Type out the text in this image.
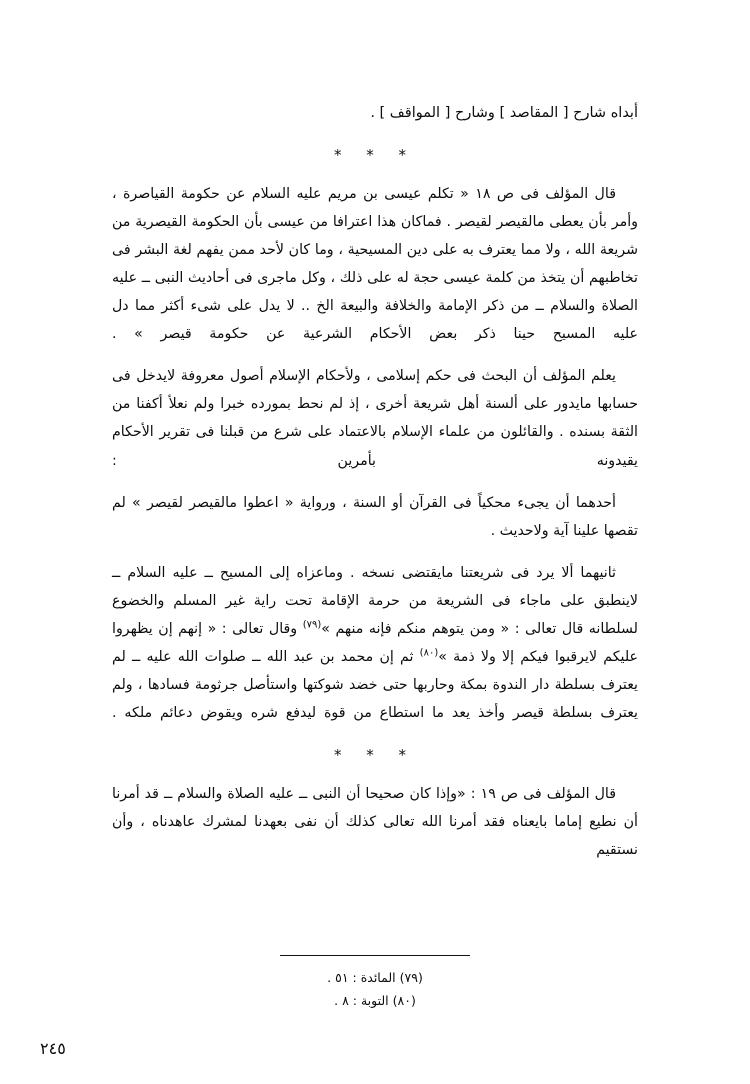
أبداه شارح [ المقاصد ] وشارح [ المواقف ] .
* * *

قال المؤلف فى ص ١٨ « تكلم عيسى بن مريم عليه السلام عن حكومة القياصرة ، وأمر بأن يعطى مالقيصر لقيصر . فماكان هذا اعترافا من عيسى بأن الحكومة القيصرية من شريعة الله ، ولا مما يعترف به على دين المسيحية ، وما كان لأحد ممن يفهم لغة البشر فى تخاطبهم أن يتخذ من كلمة عيسى حجة له على ذلك ، وكل ماجرى فى أحاديث النبى ــ عليه الصلاة والسلام ــ من ذكر الإمامة والخلافة والبيعة الخ .. لا يدل على شىء أكثر مما دل عليه المسيح حينا ذكر بعض الأحكام الشرعية عن حكومة قيصر » .

يعلم المؤلف أن البحث فى حكم إسلامى ، ولأحكام الإسلام أصول معروفة لايدخل فى حسابها مايدور على ألسنة أهل شريعة أخرى ، إذ لم نحط بمورده خبرا ولم نعلأ أكفنا من الثقة بسنده . والقائلون من علماء الإسلام بالاعتماد على شرع من قبلنا فى تقرير الأحكام يقيدونه بأمرين :

أحدهما أن يجىء محكياً فى القرآن أو السنة ، ورواية « اعطوا مالقيصر لقيصر » لم تقصها علينا آية ولاحديث .

ثانيهما ألا يرد فى شريعتنا مايقتضى نسخه . وماعزاه إلى المسيح ــ عليه السلام ــ لاينطبق على ماجاء فى الشريعة من حرمة الإقامة تحت راية غير المسلم والخضوع لسلطانه قال تعالى : « ومن يتوهم منكم فإنه منهم »$^{(٧٩)}$ وقال تعالى : « إنهم إن يظهروا عليكم لايرقبوا فيكم إلا ولا ذمة »$^{(٨٠)}$ ثم إن محمد بن عبد الله ــ صلوات الله عليه ــ لم يعترف بسلطة دار الندوة بمكة وحاربها حتى خضد شوكتها واستأصل جرثومة فسادها ، ولم يعترف بسلطة قيصر وأخذ يعد ما استطاع من قوة ليدفع شره ويقوض دعائم ملكه .

* * *

قال المؤلف فى ص ١٩ : «وإذا كان صحيحا أن النبى ــ عليه الصلاة والسلام ــ قد أمرنا أن نطيع إماما بايعناه فقد أمرنا الله تعالى كذلك أن نفى بعهدنا لمشرك عاهدناه ، وأن نستقيم

(٧٩) المائدة : ٥١ .

(٨٠) التوبة : ٨ .

٢٤٥
